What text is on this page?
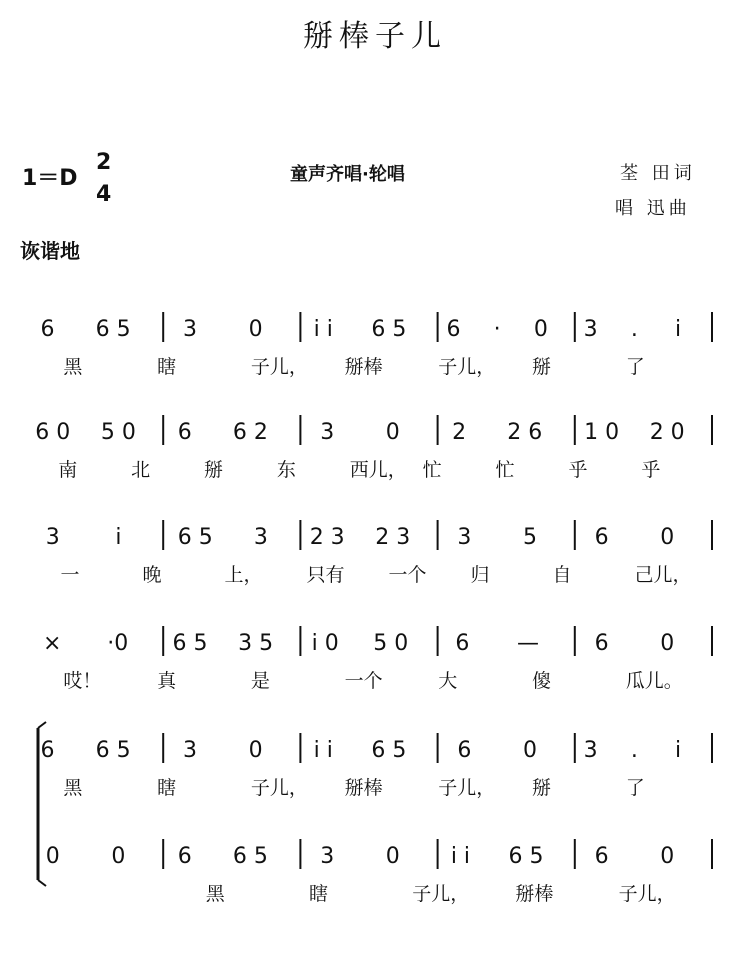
掰棒子儿
1＝D
2
4
童声齐唱·轮唱	荃 田词
唱 迅曲
诙谐地
6 6 5 3 0 i i 6 5 6 · 0 3 . i
黑	瞎	子儿， 掰棒	子儿， 掰	了
6 0 5 0 6 6 2 3 0 2 2 6 1 0 2 0
南	北	掰	东	西儿， 忙	忙	乎	乎
3	i	6 5 3 2 3 2 3 3 5	6 0
一	晚	上， 只有 一个 归	自	己儿，
× ·0 6 5 3 5 i 0 5 0 6 —	6 0
哎！	真	是	一个	大	傻	瓜儿。
6 6 5 3 0 i i 6 5 6 0 3 . i
黑	瞎	子儿， 掰棒	子儿， 掰	了
0 0 6 6 5 3 0 i i 6 5 6 0
黑	瞎	子儿， 掰棒	子儿，
